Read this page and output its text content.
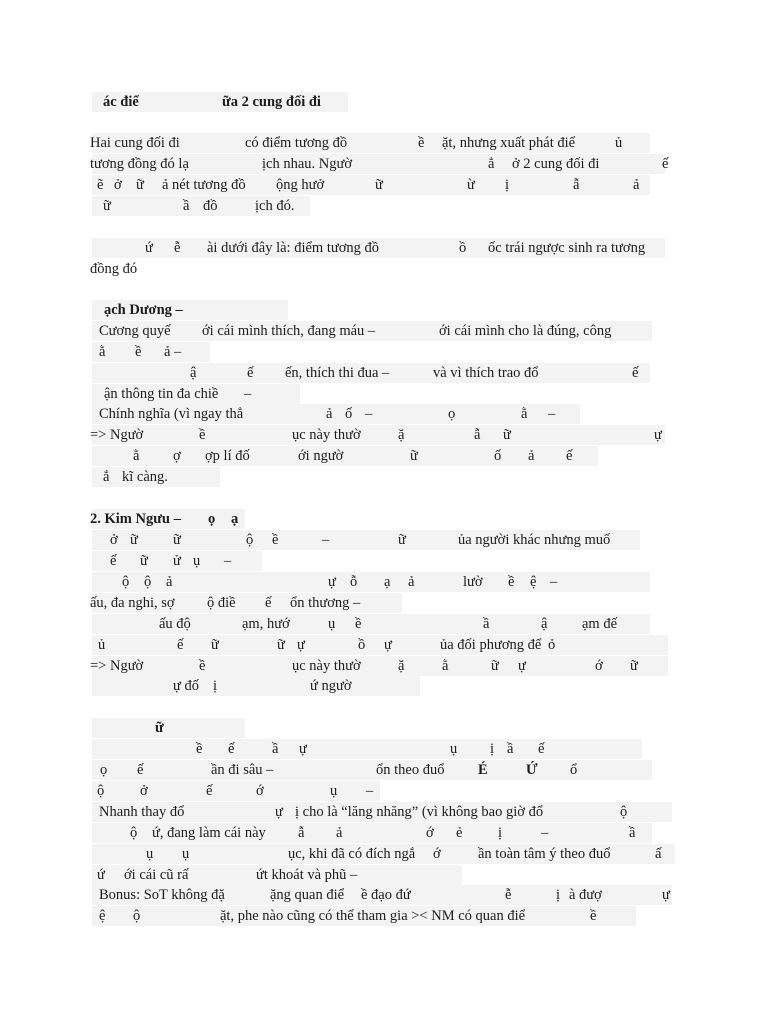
ác điể	ữa 2 cung đối đi
Hai cung đối đi	có điểm tương đồ	ề ặt, nhưng xuất phát điể	ủ
tương đồng đó lạ	ịch nhau. Ngườ	ẳ ở 2 cung đối đi	ế
ẽ ở ữ ả nét tương đồ ộng hưở	ữ	ừ ị	ẫ	ả
ữ	ầ đồ	ịch đó.
ứ ễ ài dưới đây là: điểm tương đồ	ồ ốc trái ngược sinh ra tương
đồng đó
ạch Dương –
Cương quyế ới cái mình thích, đang máu –	ới cái mình cho là đúng, công
ằ ề ả –
ậ	ế ến, thích thi đua –	và vì thích trao đổ	ế
ận thông tin đa chiề –
Chính nghĩa (vì ngay thẳ	ả ố –	ọ	ằ –
=> Ngườ	ề	ục này thườ	ặ	ẫ ữ	ự
ằ ợ ợp lí đố	ới ngườ	ữ	ố ả ế
ắ kĩ càng.
2. Kim Ngưu – ọ ạ
ở ữ ữ	ộ ề	–	ữ	ủa người khác nhưng muố
ế ữ ử ụ –
ộ ộ ả	ự ỗ ạ ả	lườ ề ệ –
ấu, đa nghi, sợ ộ điề ế ổn thương –
ấu độ	ạm, hướ	ụ ề	ầ	ậ ạm đế
ủ	ế ữ	ữ ự	ồ ự	ủa đối phương để ỏ
=> Ngườ	ề	ục này thườ	ặ	ằ	ữ ự	ớ ữ
ự đố ị	ứ ngườ
ữ
ề ế	ầ ự	ụ ị ầ ế
ọ ế	ần đi sâu –	ổn theo đuổ É	Ứ ổ
ộ ở	ế	ớ	ụ –
Nhanh thay đổ	ự ị cho là “lăng nhăng” (vì không bao giờ đổ	ộ
ộ ứ, đang làm cái này ẫ ả	ớ ẻ ị	–	ầ
ụ ụ	ục, khi đã có đích ngắ ớ	ần toàn tâm ý theo đuổ	ấ
ứ ới cái cũ rấ	ứt khoát và phũ –
Bonus: SoT không đặ	ặng quan điể ề đạo đứ	ễ	ị à đượ	ự
ệ ộ	ặt, phe nào cũng có thể tham gia >< NM có quan điể	ề
